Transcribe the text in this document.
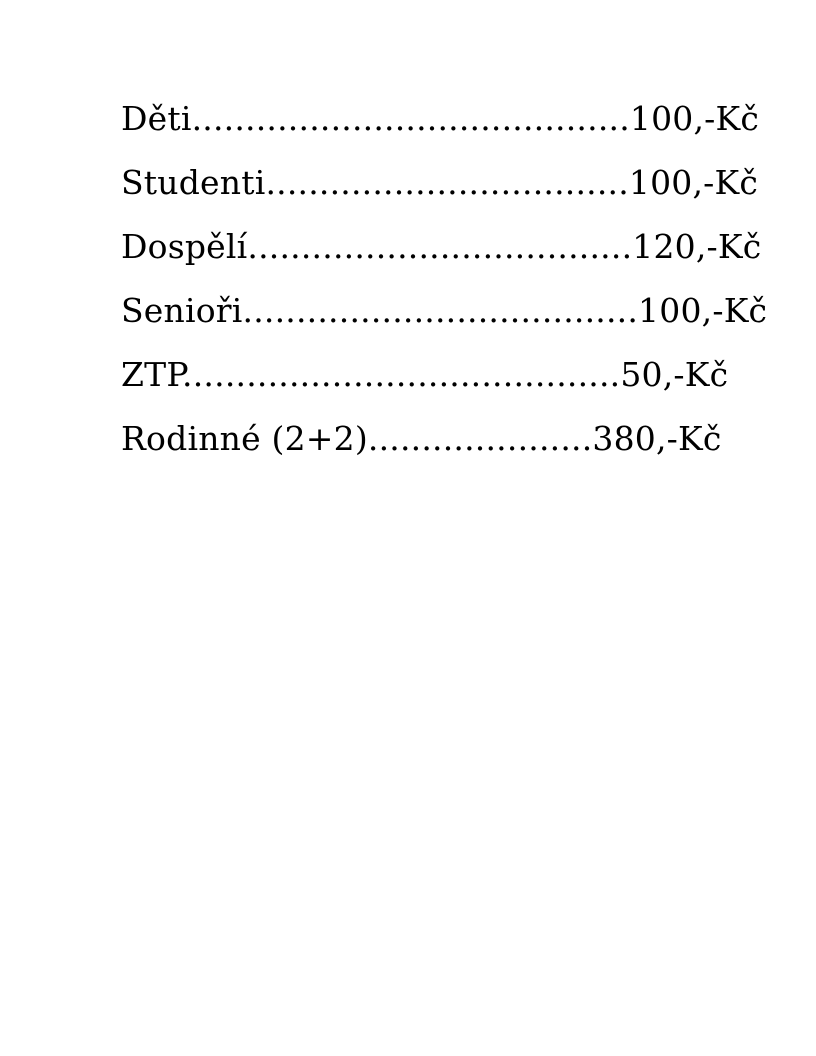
Děti.........................................100,-Kč
Studenti..................................100,-Kč
Dospělí....................................120,-Kč
Senioři.....................................100,-Kč
ZTP.........................................50,-Kč
Rodinné (2+2).....................380,-Kč
